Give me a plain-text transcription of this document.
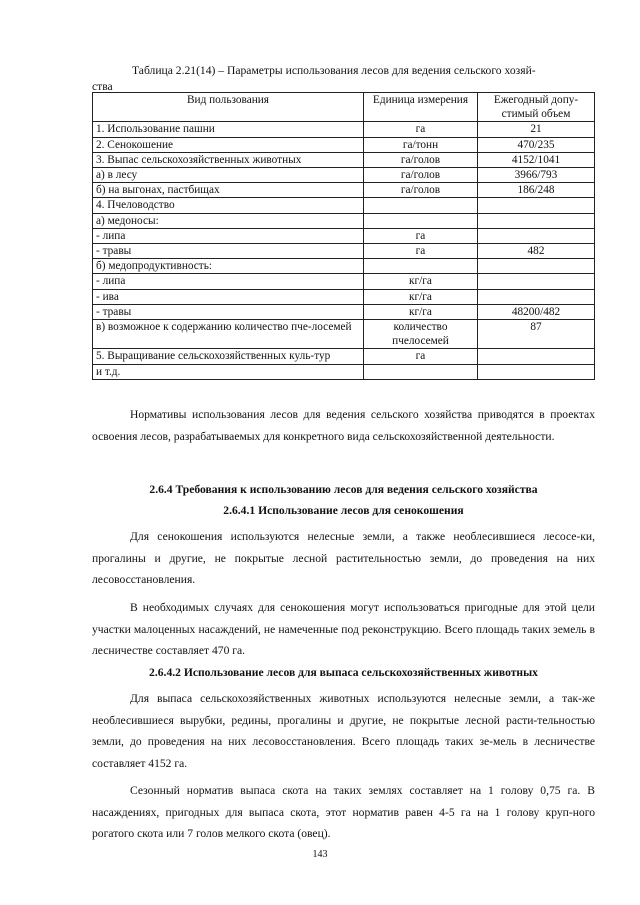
Таблица 2.21(14) – Параметры использования лесов для ведения сельского хозяй-
ства
Вид пользования	Единица измерения	Ежегодный допу-стимый объем
1. Использование пашни	га	21
2. Сенокошение	га/тонн	470/235
3. Выпас сельскохозяйственных животных	га/голов	4152/1041
а) в лесу	га/голов	3966/793
б) на выгонах, пастбищах	га/голов	186/248
4. Пчеловодство		
а) медоносы:		
- липа	га	
- травы	га	482
б) медопродуктивность:		
- липа	кг/га	
- ива	кг/га	
- травы	кг/га	48200/482
в) возможное к содержанию количество пче-лосемей	количество пчелосемей	87
5. Выращивание сельскохозяйственных куль-тур	га	
и т.д.		

Нормативы использования лесов для ведения сельского хозяйства приводятся в проектах освоения лесов, разрабатываемых для конкретного вида сельскохозяйственной деятельности.

2.6.4 Требования к использованию лесов для ведения сельского хозяйства

2.6.4.1 Использование лесов для сенокошения

Для сенокошения используются нелесные земли, а также необлесившиеся лесосе-ки, прогалины и другие, не покрытые лесной растительностью земли, до проведения на них лесовосстановления.

В необходимых случаях для сенокошения могут использоваться пригодные для этой цели участки малоценных насаждений, не намеченные под реконструкцию. Всего площадь таких земель в лесничестве составляет 470 га.

2.6.4.2 Использование лесов для выпаса сельскохозяйственных животных

Для выпаса сельскохозяйственных животных используются нелесные земли, а так-же необлесившиеся вырубки, редины, прогалины и другие, не покрытые лесной расти-тельностью земли, до проведения на них лесовосстановления. Всего площадь таких зе-мель в лесничестве составляет 4152 га.

Сезонный норматив выпаса скота на таких землях составляет на 1 голову 0,75 га. В насаждениях, пригодных для выпаса скота, этот норматив равен 4-5 га на 1 голову круп-ного рогатого скота или 7 голов мелкого скота (овец).

143
